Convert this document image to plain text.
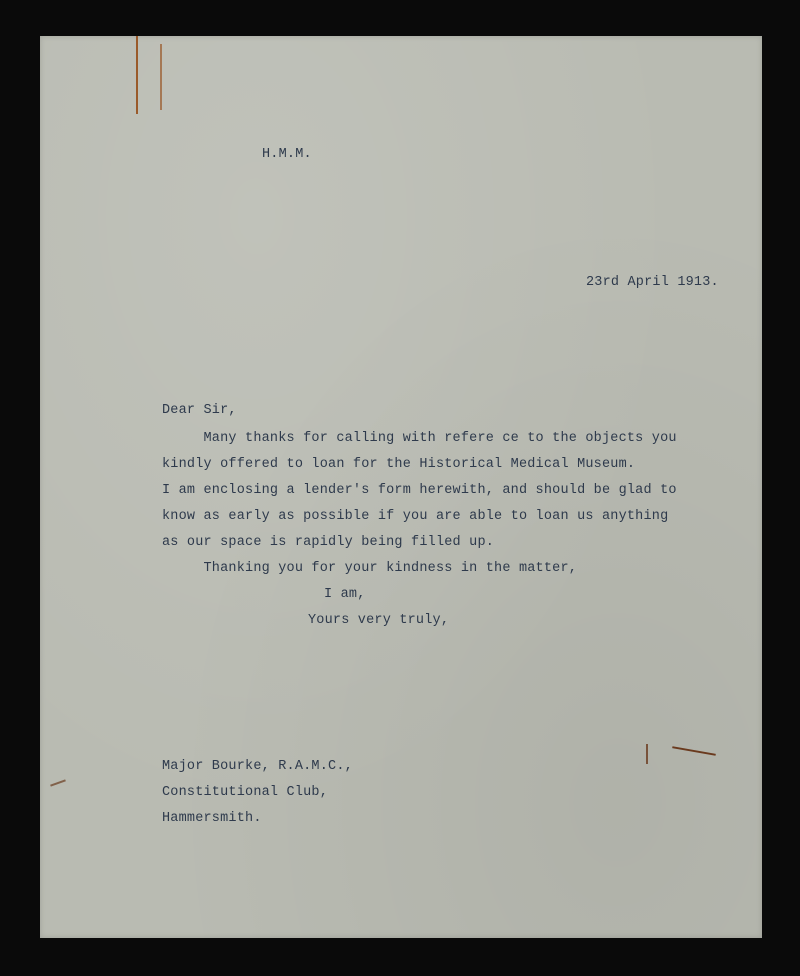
H.M.M.
23rd April 1913.
Dear Sir,
Many thanks for calling with refere ce to the objects you
kindly offered to loan for the Historical Medical Museum.
I am enclosing a lender's form herewith, and should be glad to
know as early as possible if you are able to loan us anything
as our space is rapidly being filled up.
Thanking you for your kindness in the matter,
I am,
Yours very truly,
Major Bourke, R.A.M.C.,
Constitutional Club,
Hammersmith.
